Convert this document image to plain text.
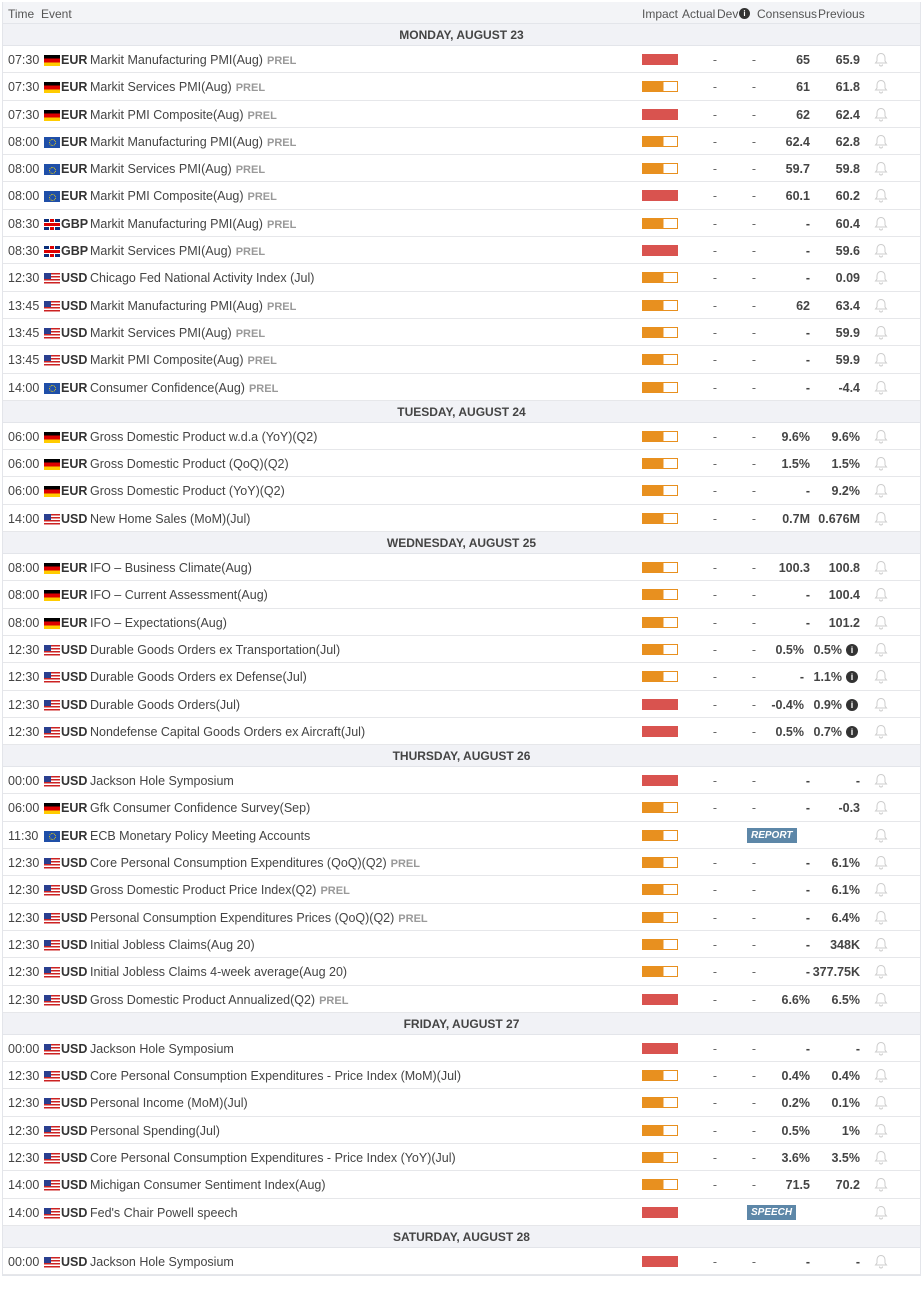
Time Event	Impact Actual Dev i Consensus Previous
MONDAY, AUGUST 23
07:30 EUR Markit Manufacturing PMI(Aug) PREL	-	-	65 65.9
07:30 EUR Markit Services PMI(Aug) PREL	-	-	61 61.8
07:30 EUR Markit PMI Composite(Aug) PREL	-	-	62 62.4
08:00 EUR Markit Manufacturing PMI(Aug) PREL	-	-	62.4 62.8
08:00 EUR Markit Services PMI(Aug) PREL	-	-	59.7 59.8
08:00 EUR Markit PMI Composite(Aug) PREL	-	-	60.1 60.2
08:30 GBP Markit Manufacturing PMI(Aug) PREL	-	-	- 60.4
08:30 GBP Markit Services PMI(Aug) PREL	-	-	- 59.6
12:30 USD Chicago Fed National Activity Index (Jul)	-	-	- 0.09
13:45 USD Markit Manufacturing PMI(Aug) PREL	-	-	62 63.4
13:45 USD Markit Services PMI(Aug) PREL	-	-	- 59.9
13:45 USD Markit PMI Composite(Aug) PREL	-	-	- 59.9
14:00 EUR Consumer Confidence(Aug) PREL	-	-	- -4.4
TUESDAY, AUGUST 24
06:00 EUR Gross Domestic Product w.d.a (YoY)(Q2)	-	-	9.6% 9.6%
06:00 EUR Gross Domestic Product (QoQ)(Q2)	-	-	1.5% 1.5%
06:00 EUR Gross Domestic Product (YoY)(Q2)	-	-	- 9.2%
14:00 USD New Home Sales (MoM)(Jul)	-	-	0.7M 0.676M
WEDNESDAY, AUGUST 25
08:00 EUR IFO – Business Climate(Aug)	-	-	100.3 100.8
08:00 EUR IFO – Current Assessment(Aug)	-	-	- 100.4
08:00 EUR IFO – Expectations(Aug)	-	-	- 101.2
12:30 USD Durable Goods Orders ex Transportation(Jul)	-	-	0.5% 0.5% i
12:30 USD Durable Goods Orders ex Defense(Jul)	-	-	- 1.1% i
12:30 USD Durable Goods Orders(Jul)	-	-	-0.4% 0.9% i
12:30 USD Nondefense Capital Goods Orders ex Aircraft(Jul)	-	-	0.5% 0.7% i
THURSDAY, AUGUST 26
00:00 USD Jackson Hole Symposium	-	-	-	-
06:00 EUR Gfk Consumer Confidence Survey(Sep)	-	-	- -0.3
11:30 EUR ECB Monetary Policy Meeting Accounts	REPORT
12:30 USD Core Personal Consumption Expenditures (QoQ)(Q2) PREL	-	-	- 6.1%
12:30 USD Gross Domestic Product Price Index(Q2) PREL	-	-	- 6.1%
12:30 USD Personal Consumption Expenditures Prices (QoQ)(Q2) PREL	-	-	- 6.4%
12:30 USD Initial Jobless Claims(Aug 20)	-	-	- 348K
12:30 USD Initial Jobless Claims 4-week average(Aug 20)	-	-	- 377.75K
12:30 USD Gross Domestic Product Annualized(Q2) PREL	-	-	6.6% 6.5%
FRIDAY, AUGUST 27
00:00 USD Jackson Hole Symposium	-	-	-	-
12:30 USD Core Personal Consumption Expenditures - Price Index (MoM)(Jul)	-	-	0.4% 0.4%
12:30 USD Personal Income (MoM)(Jul)	-	-	0.2% 0.1%
12:30 USD Personal Spending(Jul)	-	-	0.5%	1%
12:30 USD Core Personal Consumption Expenditures - Price Index (YoY)(Jul)	-	-	3.6% 3.5%
14:00 USD Michigan Consumer Sentiment Index(Aug)	-	-	71.5 70.2
14:00 USD Fed's Chair Powell speech	SPEECH
SATURDAY, AUGUST 28
00:00 USD Jackson Hole Symposium	-	-	-	-
